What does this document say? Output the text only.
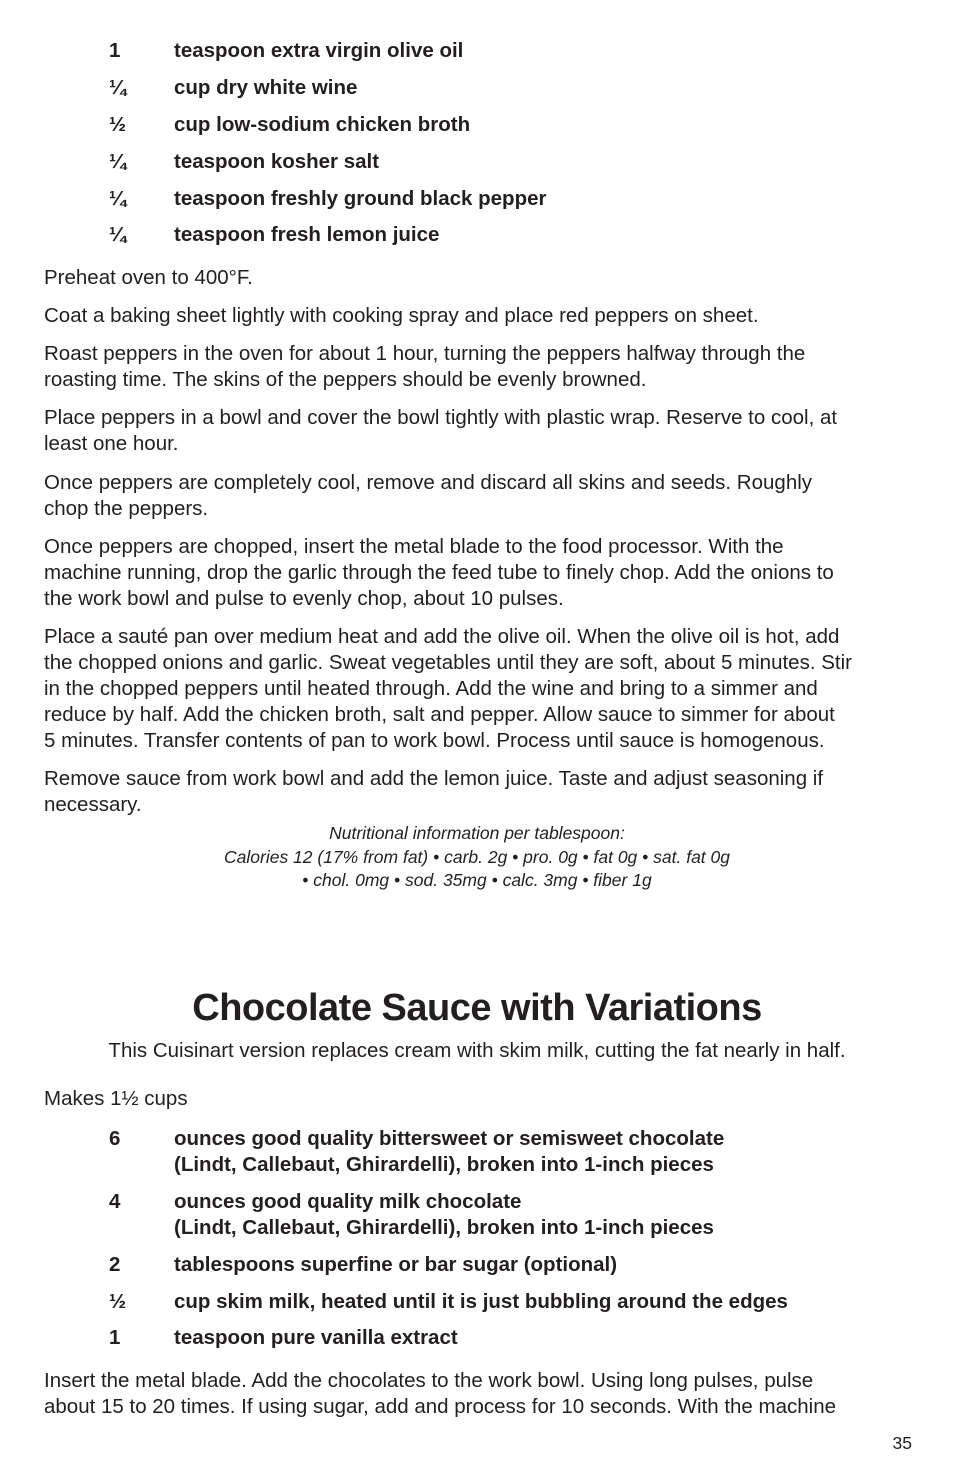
1	teaspoon extra virgin olive oil
¼ cup dry white wine
½ cup low-sodium chicken broth
¼ teaspoon kosher salt
¼ teaspoon freshly ground black pepper
¼ teaspoon fresh lemon juice
Preheat oven to 400°F.
Coat a baking sheet lightly with cooking spray and place red peppers on sheet.
Roast peppers in the oven for about 1 hour, turning the peppers halfway through the
roasting time. The skins of the peppers should be evenly browned.
Place peppers in a bowl and cover the bowl tightly with plastic wrap. Reserve to cool, at
least one hour.
Once peppers are completely cool, remove and discard all skins and seeds. Roughly
chop the peppers.
Once peppers are chopped, insert the metal blade to the food processor. With the
machine running, drop the garlic through the feed tube to finely chop. Add the onions to
the work bowl and pulse to evenly chop, about 10 pulses.
Place a sauté pan over medium heat and add the olive oil. When the olive oil is hot, add
the chopped onions and garlic. Sweat vegetables until they are soft, about 5 minutes. Stir
in the chopped peppers until heated through. Add the wine and bring to a simmer and
reduce by half. Add the chicken broth, salt and pepper. Allow sauce to simmer for about
5 minutes. Transfer contents of pan to work bowl. Process until sauce is homogenous.
Remove sauce from work bowl and add the lemon juice. Taste and adjust seasoning if
necessary.
Nutritional information per tablespoon:
Calories 12 (17% from fat) • carb. 2g • pro. 0g • fat 0g • sat. fat 0g
• chol. 0mg • sod. 35mg • calc. 3mg • fiber 1g
Chocolate Sauce with Variations
This Cuisinart version replaces cream with skim milk, cutting the fat nearly in half.
Makes 1½ cups
6	ounces good quality bittersweet or semisweet chocolate
(Lindt, Callebaut, Ghirardelli), broken into 1-inch pieces
4	ounces good quality milk chocolate
(Lindt, Callebaut, Ghirardelli), broken into 1-inch pieces
2	tablespoons superfine or bar sugar (optional)
½ cup skim milk, heated until it is just bubbling around the edges
1	teaspoon pure vanilla extract
Insert the metal blade. Add the chocolates to the work bowl. Using long pulses, pulse
about 15 to 20 times. If using sugar, add and process for 10 seconds. With the machine
35
